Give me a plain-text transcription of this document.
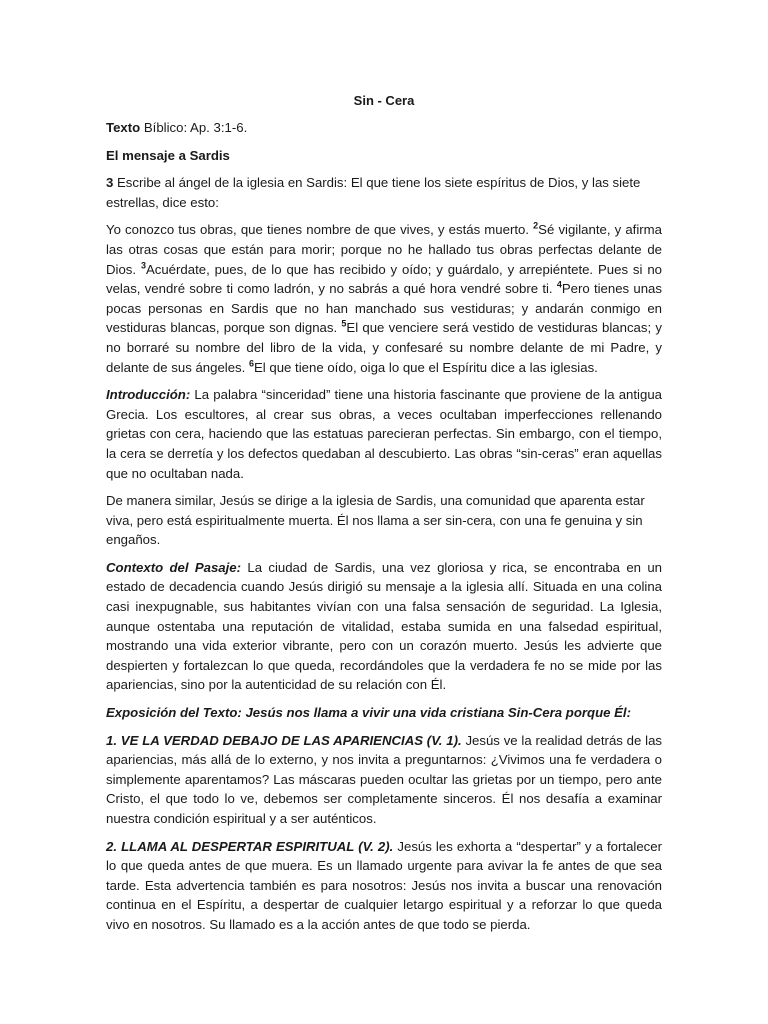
Sin - Cera

Texto Bíblico: Ap. 3:1-6.

El mensaje a Sardis

3 Escribe al ángel de la iglesia en Sardis: El que tiene los siete espíritus de Dios, y las siete estrellas, dice esto:

Yo conozco tus obras, que tienes nombre de que vives, y estás muerto. $^2$Sé vigilante, y afirma las otras cosas que están para morir; porque no he hallado tus obras perfectas delante de Dios. $^3$Acuérdate, pues, de lo que has recibido y oído; y guárdalo, y arrepiéntete. Pues si no velas, vendré sobre ti como ladrón, y no sabrás a qué hora vendré sobre ti. $^4$Pero tienes unas pocas personas en Sardis que no han manchado sus vestiduras; y andarán conmigo en vestiduras blancas, porque son dignas. $^5$El que venciere será vestido de vestiduras blancas; y no borraré su nombre del libro de la vida, y confesaré su nombre delante de mi Padre, y delante de sus ángeles. $^6$El que tiene oído, oiga lo que el Espíritu dice a las iglesias.

Introducción: La palabra “sinceridad” tiene una historia fascinante que proviene de la antigua Grecia. Los escultores, al crear sus obras, a veces ocultaban imperfecciones rellenando grietas con cera, haciendo que las estatuas parecieran perfectas. Sin embargo, con el tiempo, la cera se derretía y los defectos quedaban al descubierto. Las obras “sin-ceras” eran aquellas que no ocultaban nada.

De manera similar, Jesús se dirige a la iglesia de Sardis, una comunidad que aparenta estar viva, pero está espiritualmente muerta. Él nos llama a ser sin-cera, con una fe genuina y sin engaños.

Contexto del Pasaje: La ciudad de Sardis, una vez gloriosa y rica, se encontraba en un estado de decadencia cuando Jesús dirigió su mensaje a la iglesia allí. Situada en una colina casi inexpugnable, sus habitantes vivían con una falsa sensación de seguridad. La Iglesia, aunque ostentaba una reputación de vitalidad, estaba sumida en una falsedad espiritual, mostrando una vida exterior vibrante, pero con un corazón muerto. Jesús les advierte que despierten y fortalezcan lo que queda, recordándoles que la verdadera fe no se mide por las apariencias, sino por la autenticidad de su relación con Él.

Exposición del Texto: Jesús nos llama a vivir una vida cristiana Sin-Cera porque Él:

1. VE LA VERDAD DEBAJO DE LAS APARIENCIAS (V. 1). Jesús ve la realidad detrás de las apariencias, más allá de lo externo, y nos invita a preguntarnos: ¿Vivimos una fe verdadera o simplemente aparentamos? Las máscaras pueden ocultar las grietas por un tiempo, pero ante Cristo, el que todo lo ve, debemos ser completamente sinceros. Él nos desafía a examinar nuestra condición espiritual y a ser auténticos.

2. LLAMA AL DESPERTAR ESPIRITUAL (V. 2). Jesús les exhorta a “despertar” y a fortalecer lo que queda antes de que muera. Es un llamado urgente para avivar la fe antes de que sea tarde. Esta advertencia también es para nosotros: Jesús nos invita a buscar una renovación continua en el Espíritu, a despertar de cualquier letargo espiritual y a reforzar lo que queda vivo en nosotros. Su llamado es a la acción antes de que todo se pierda.
